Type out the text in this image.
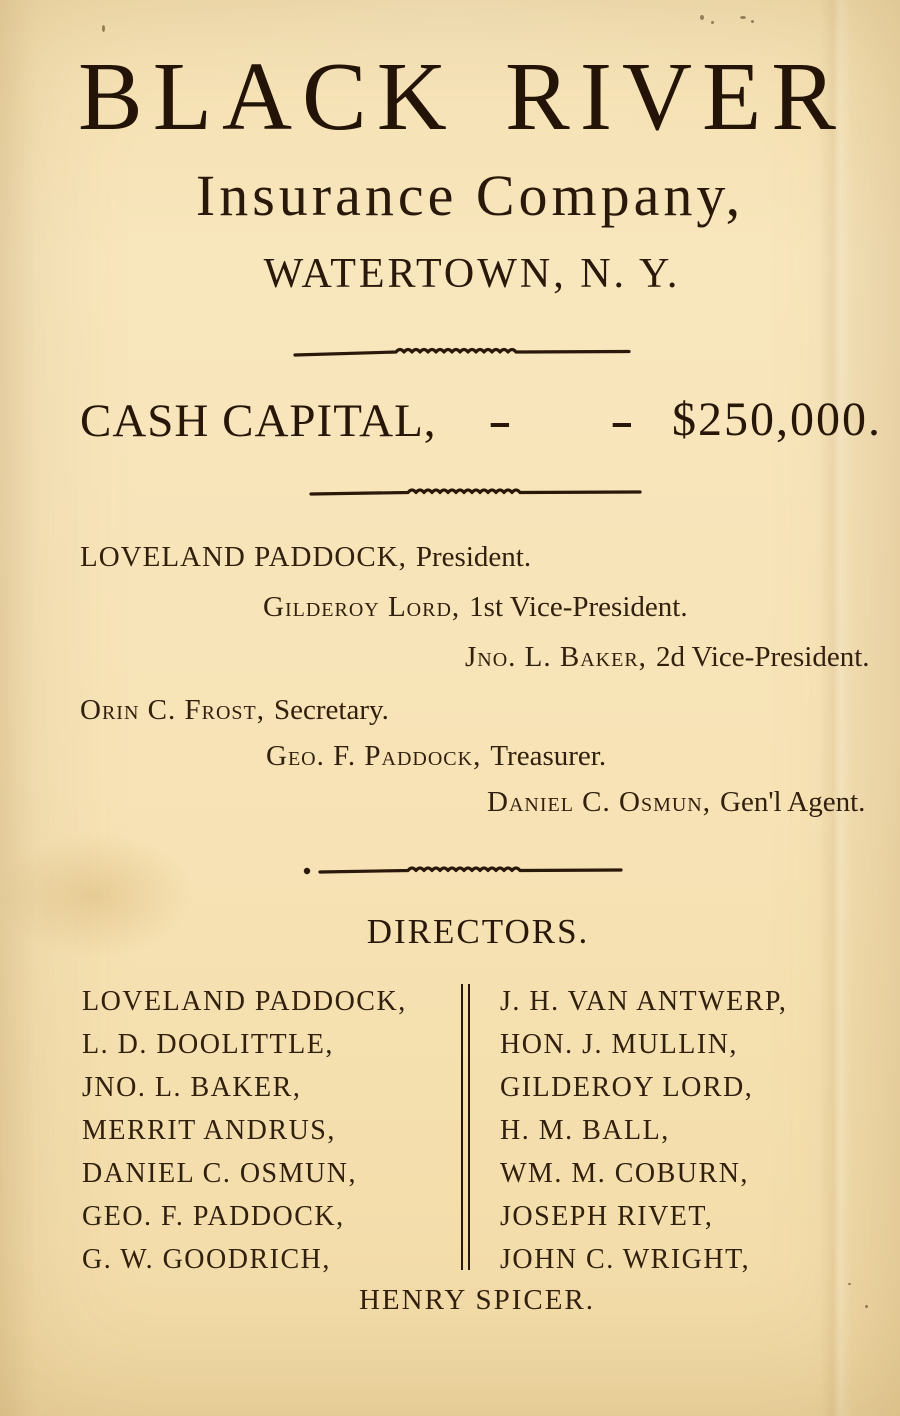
BLACK RIVER
Insurance Company,
WATERTOWN, N. Y.
CASH CAPITAL, - - $250,000.
LOVELAND PADDOCK, President.
Gilderoy Lord, 1st Vice-President.
Jno. L. Baker, 2d Vice-President.
Orin C. Frost, Secretary.
Geo. F. Paddock, Treasurer.
Daniel C. Osmun, Gen'l Agent.
DIRECTORS.
LOVELAND PADDOCK,
L. D. DOOLITTLE,
JNO. L. BAKER,
MERRIT ANDRUS,
DANIEL C. OSMUN,
GEO. F. PADDOCK,
G. W. GOODRICH,
J. H. VAN ANTWERP,
HON. J. MULLIN,
GILDEROY LORD,
H. M. BALL,
WM. M. COBURN,
JOSEPH RIVET,
JOHN C. WRIGHT,
HENRY SPICER.
